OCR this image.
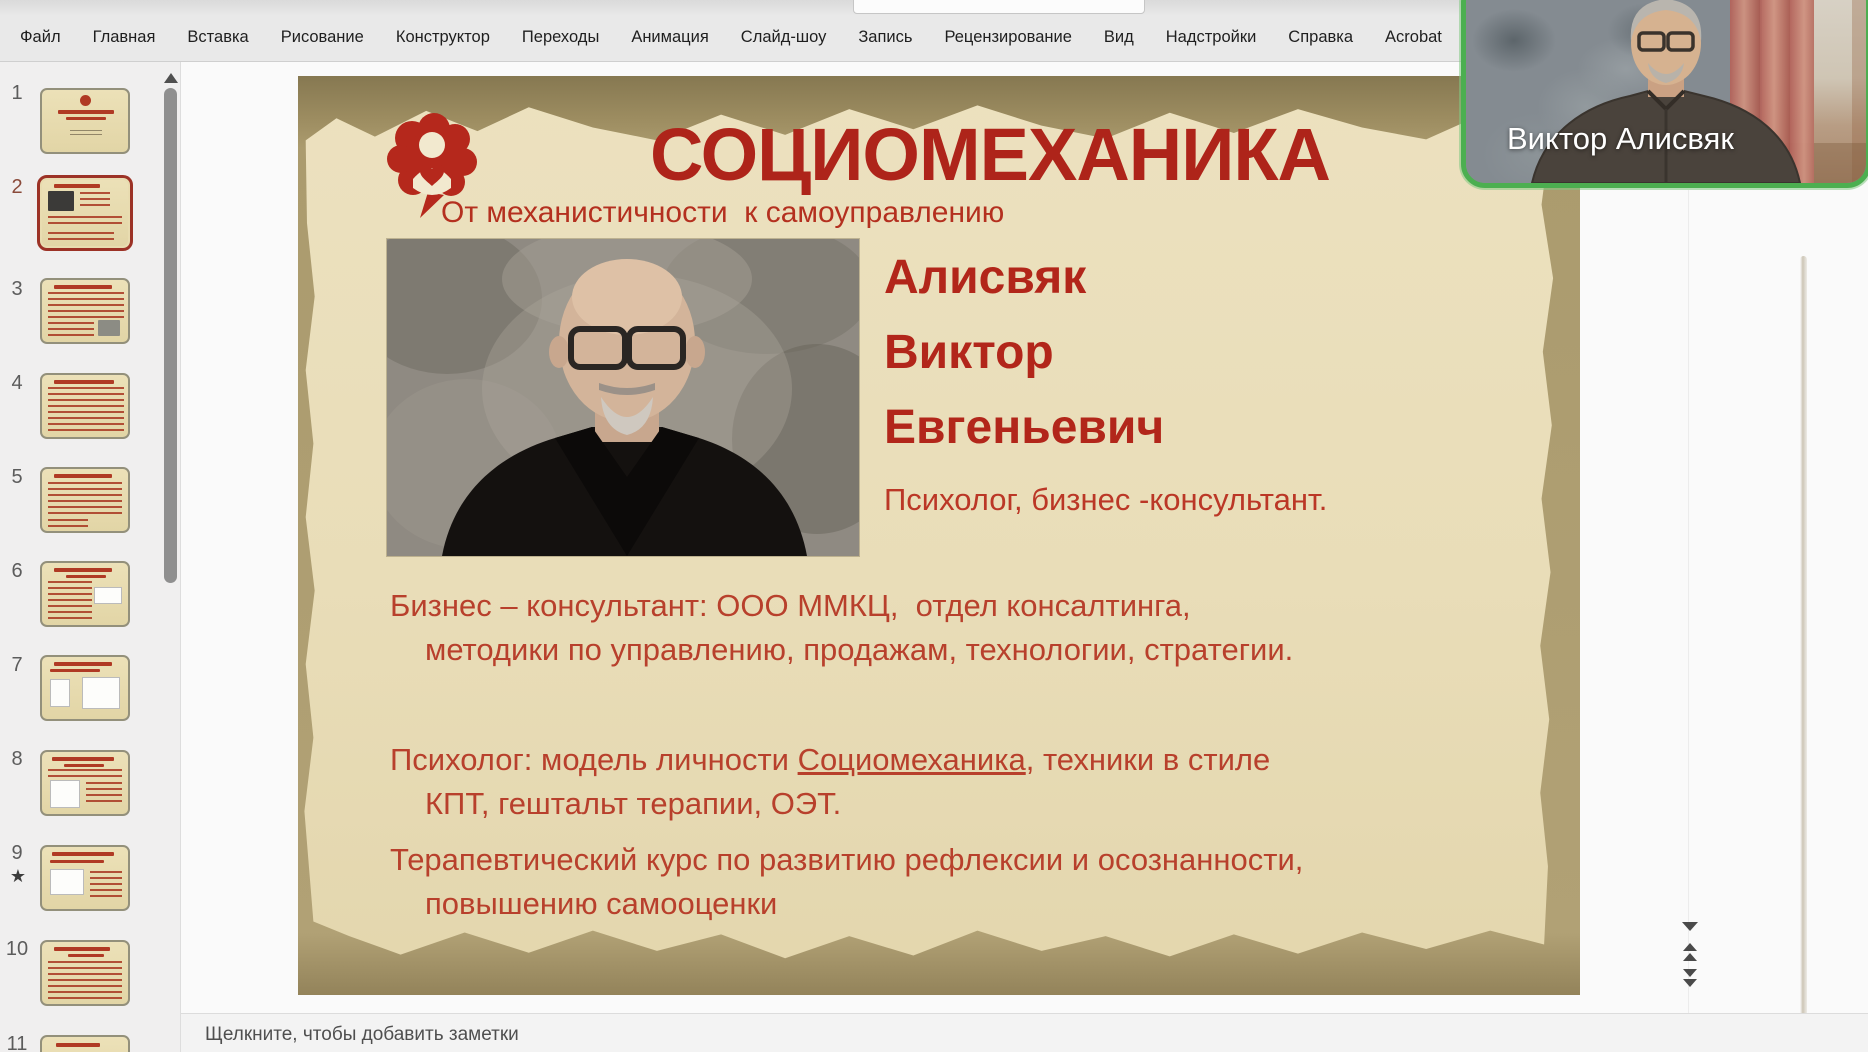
Файл	Главная	Вставка	Рисование	Конструктор	Переходы	Анимация	Слайд-шоу	Запись	Рецензирование	Вид	Надстройки	Справка	Acrobat
1
2
3
4
5
6
7
8
9
★
10
11
СОЦИОМЕХАНИКА
От механистичности  к самоуправлению
Алисвяк
Виктор
Евгеньевич
Психолог, бизнес -консультант.
Бизнес – консультант: ООО ММКЦ,  отдел консалтинга,
методики по управлению, продажам, технологии, стратегии.
Психолог: модель личности Социомеханика, техники в стиле
КПТ, гештальт терапии, ОЭТ.
Терапевтический курс по развитию рефлексии и осознанности,
повышению самооценки
Щелкните, чтобы добавить заметки
Виктор Алисвяк
